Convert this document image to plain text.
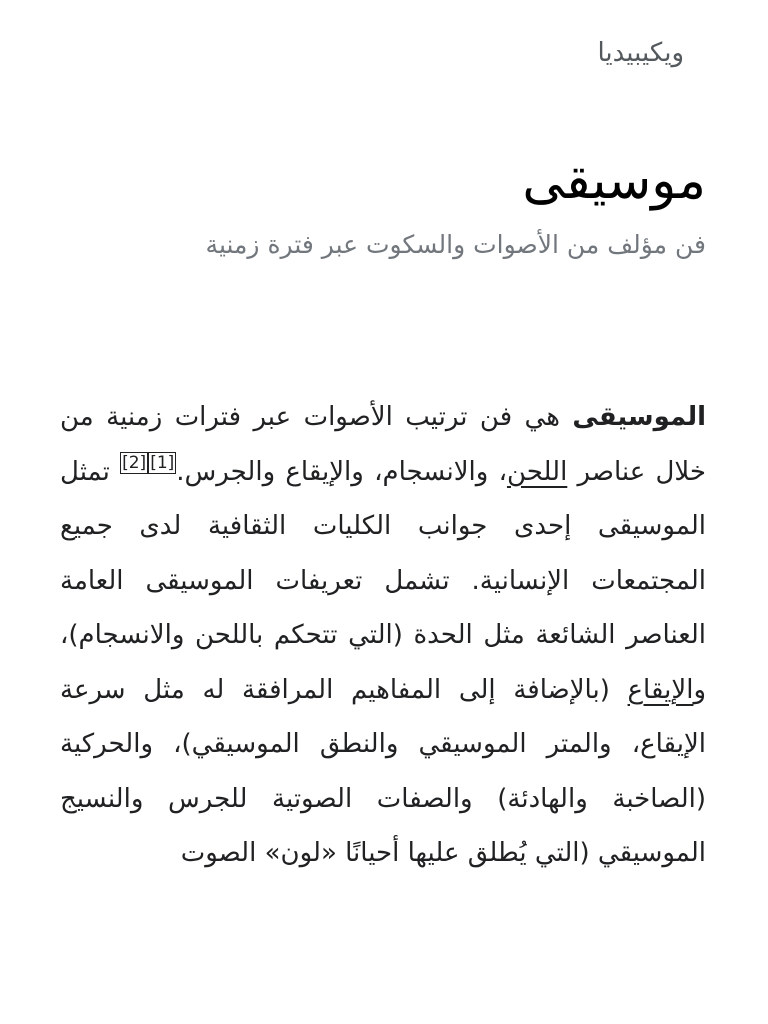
ويكيبيديا
موسيقى
فن مؤلف من الأصوات والسكوت عبر فترة زمنية

الموسيقى هي فن ترتيب الأصوات عبر فترات زمنية من خلال عناصر اللحن، والانسجام، والإيقاع والجرس.[1][2] تمثل الموسيقى إحدى جوانب الكليات الثقافية لدى جميع المجتمعات الإنسانية. تشمل تعريفات الموسيقى العامة العناصر الشائعة مثل الحدة (التي تتحكم باللحن والانسجام)، والإيقاع (بالإضافة إلى المفاهيم المرافقة له مثل سرعة الإيقاع، والمتر الموسيقي والنطق الموسيقي)، والحركية (الصاخبة والهادئة) والصفات الصوتية للجرس والنسيج الموسيقي (التي يُطلق عليها أحيانًا «لون» الصوت
